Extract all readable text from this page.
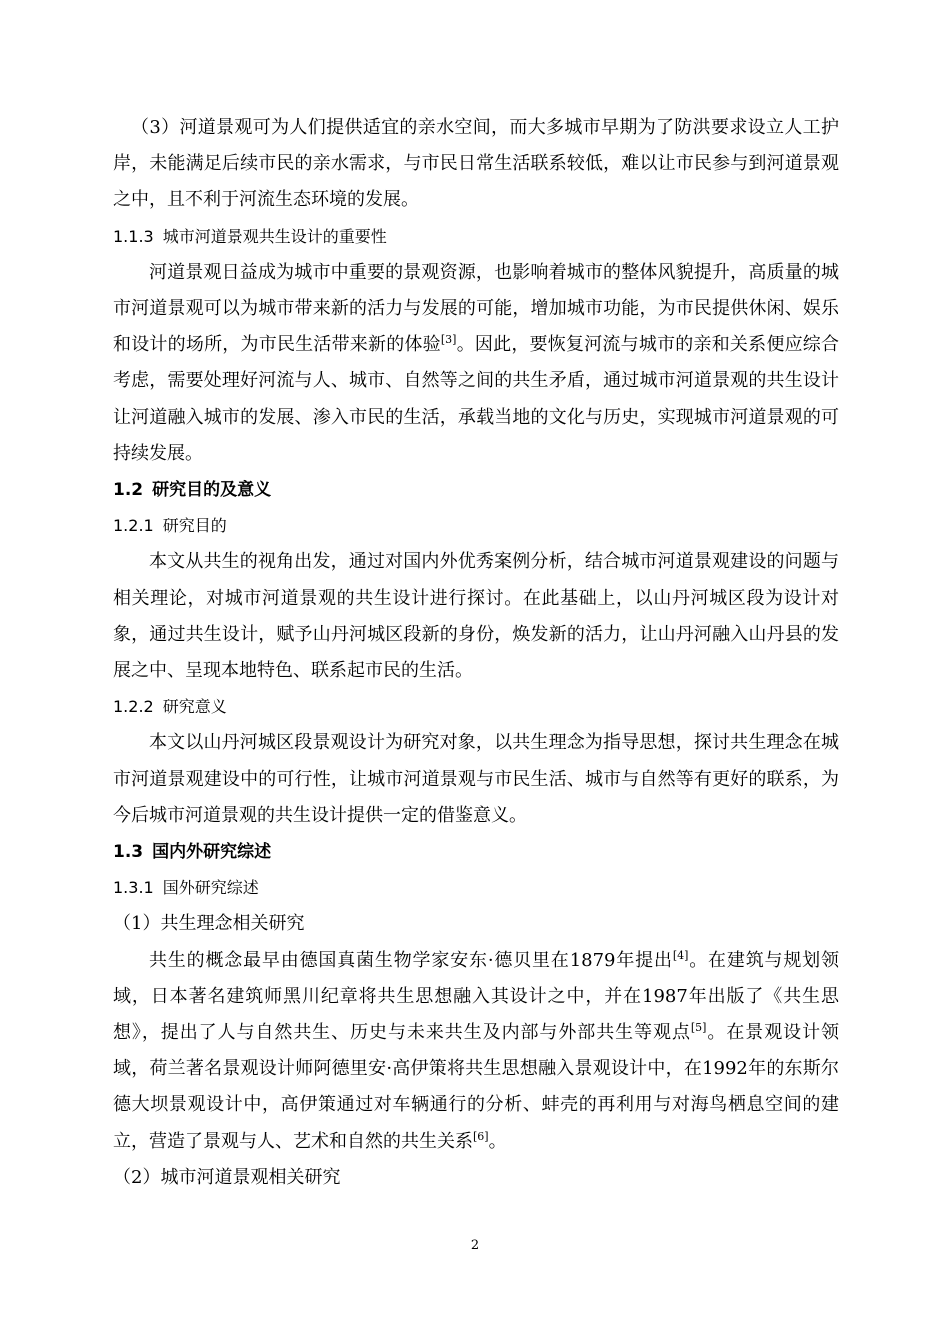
（3）河道景观可为人们提供适宜的亲水空间，而大多城市早期为了防洪要求设立人工护岸，未能满足后续市民的亲水需求，与市民日常生活联系较低，难以让市民参与到河道景观之中，且不利于河流生态环境的发展。

1.1.3 城市河道景观共生设计的重要性

河道景观日益成为城市中重要的景观资源，也影响着城市的整体风貌提升，高质量的城市河道景观可以为城市带来新的活力与发展的可能，增加城市功能，为市民提供休闲、娱乐和设计的场所，为市民生活带来新的体验[3]。因此，要恢复河流与城市的亲和关系便应综合考虑，需要处理好河流与人、城市、自然等之间的共生矛盾，通过城市河道景观的共生设计让河道融入城市的发展、渗入市民的生活，承载当地的文化与历史，实现城市河道景观的可持续发展。

1.2 研究目的及意义
1.2.1 研究目的

本文从共生的视角出发，通过对国内外优秀案例分析，结合城市河道景观建设的问题与相关理论，对城市河道景观的共生设计进行探讨。在此基础上，以山丹河城区段为设计对象，通过共生设计，赋予山丹河城区段新的身份，焕发新的活力，让山丹河融入山丹县的发展之中、呈现本地特色、联系起市民的生活。

1.2.2 研究意义

本文以山丹河城区段景观设计为研究对象，以共生理念为指导思想，探讨共生理念在城市河道景观建设中的可行性，让城市河道景观与市民生活、城市与自然等有更好的联系，为今后城市河道景观的共生设计提供一定的借鉴意义。

1.3 国内外研究综述
1.3.1 国外研究综述

（1）共生理念相关研究

共生的概念最早由德国真菌生物学家安东·德贝里在1879年提出[4]。在建筑与规划领域，日本著名建筑师黑川纪章将共生思想融入其设计之中，并在1987年出版了《共生思想》，提出了人与自然共生、历史与未来共生及内部与外部共生等观点[5]。在景观设计领域，荷兰著名景观设计师阿德里安·高伊策将共生思想融入景观设计中，在1992年的东斯尔德大坝景观设计中，高伊策通过对车辆通行的分析、蚌壳的再利用与对海鸟栖息空间的建立，营造了景观与人、艺术和自然的共生关系[6]。

（2）城市河道景观相关研究

2
